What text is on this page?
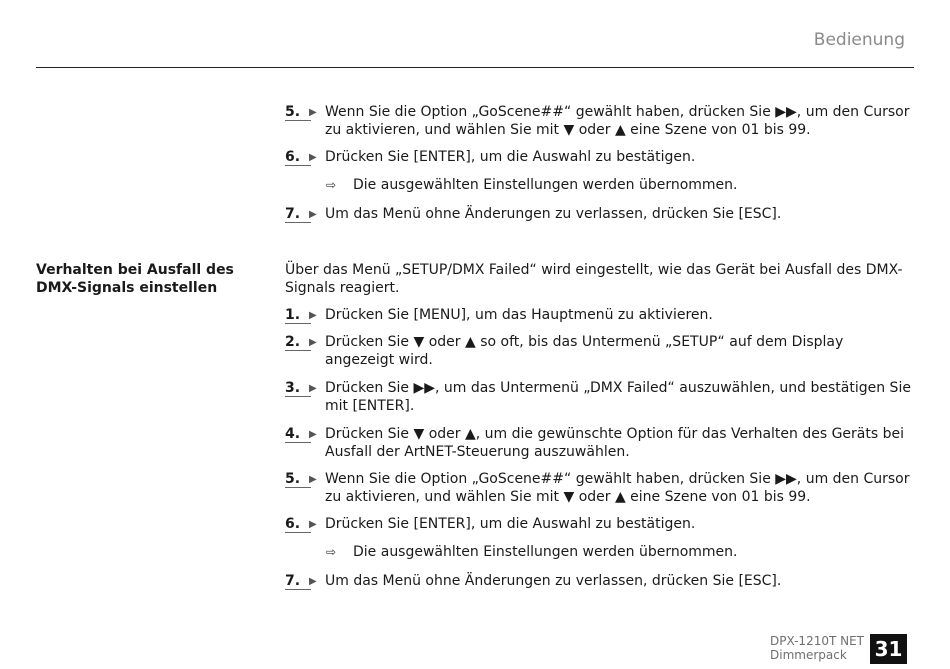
Bedienung
5. ▶ Wenn Sie die Option „GoScene##“ gewählt haben, drücken Sie ▶▶, um den Cursor zu aktivieren, und wählen Sie mit ▼ oder ▲ eine Szene von 01 bis 99.
6. ▶ Drücken Sie [ENTER], um die Auswahl zu bestätigen.
⇨ Die ausgewählten Einstellungen werden übernommen.
7. ▶ Um das Menü ohne Änderungen zu verlassen, drücken Sie [ESC].
Verhalten bei Ausfall des DMX-Signals einstellen
Über das Menü „SETUP/DMX Failed“ wird eingestellt, wie das Gerät bei Ausfall des DMX-Signals reagiert.
1. ▶ Drücken Sie [MENU], um das Hauptmenü zu aktivieren.
2. ▶ Drücken Sie ▼ oder ▲ so oft, bis das Untermenü „SETUP“ auf dem Display angezeigt wird.
3. ▶ Drücken Sie ▶▶, um das Untermenü „DMX Failed“ auszuwählen, und bestätigen Sie mit [ENTER].
4. ▶ Drücken Sie ▼ oder ▲, um die gewünschte Option für das Verhalten des Geräts bei Ausfall der ArtNET-Steuerung auszuwählen.
5. ▶ Wenn Sie die Option „GoScene##“ gewählt haben, drücken Sie ▶▶, um den Cursor zu aktivieren, und wählen Sie mit ▼ oder ▲ eine Szene von 01 bis 99.
6. ▶ Drücken Sie [ENTER], um die Auswahl zu bestätigen.
⇨ Die ausgewählten Einstellungen werden übernommen.
7. ▶ Um das Menü ohne Änderungen zu verlassen, drücken Sie [ESC].
DPX-1210T NET
Dimmerpack	31
